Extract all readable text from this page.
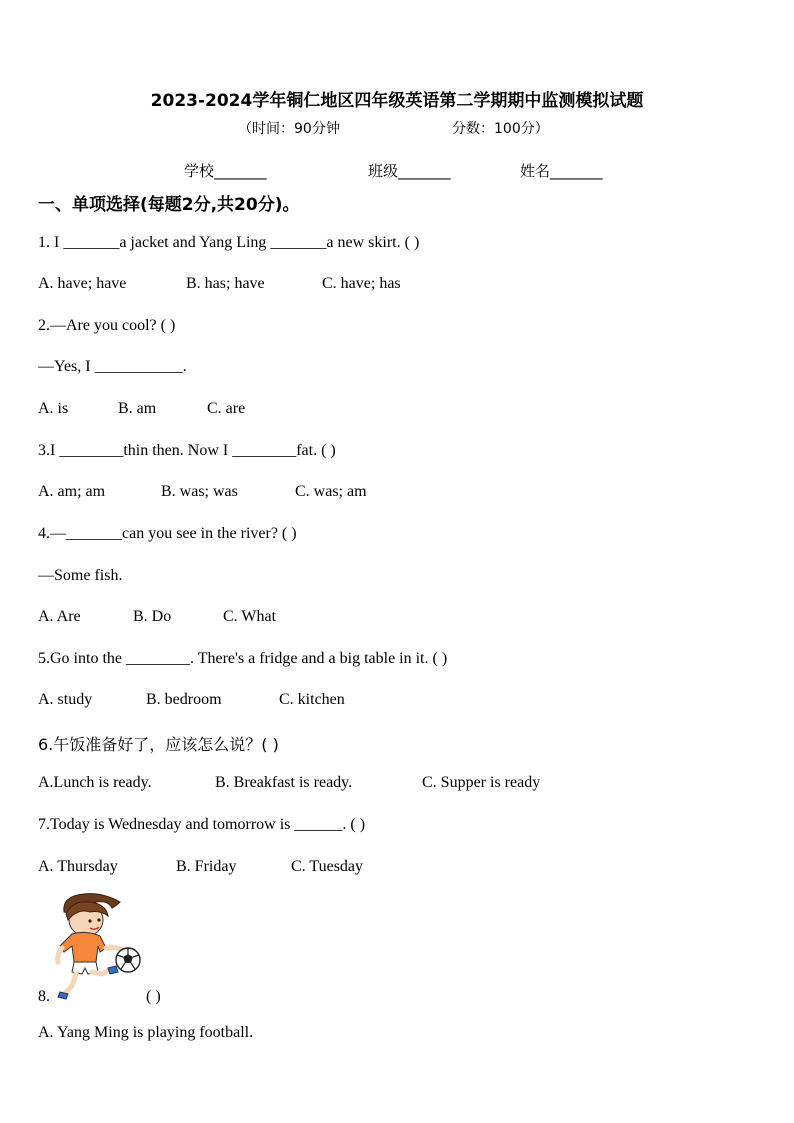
2023-2024学年铜仁地区四年级英语第二学期期中监测模拟试题
（时间：90分钟	分数：100分）
学校_______	班级_______	姓名_______
一、单项选择(每题2分,共20分)。
1. I _______a jacket and Yang Ling _______a new skirt. ( )
A. have; have	B. has; have	C. have; has
2.—Are you cool? ( )
—Yes, I ___________.
A. is	B. am	C. are
3.I ________thin then. Now I ________fat. ( )
A. am; am	B. was; was	C. was; am
4.—_______can you see in the river? ( )
—Some fish.
A. Are	B. Do	C. What
5.Go into the ________. There's a fridge and a big table in it. ( )
A. study	B. bedroom	C. kitchen
6.午饭准备好了，应该怎么说？( )
A.Lunch is ready.	B. Breakfast is ready.	C. Supper is ready
7.Today is Wednesday and tomorrow is ______. ( )
A. Thursday	B. Friday	C. Tuesday
8.	( )
A. Yang Ming is playing football.
